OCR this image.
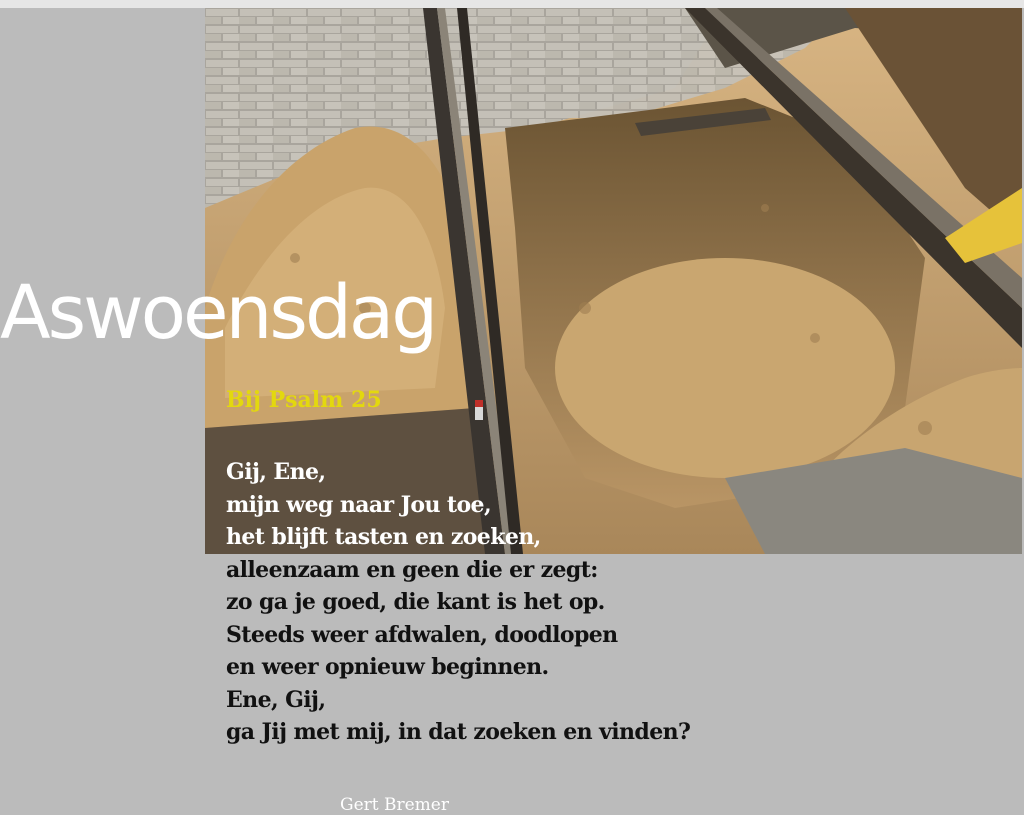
Aswoensdag
Bij Psalm 25
Gij, Ene,
mijn weg naar Jou toe,
het blijft tasten en zoeken,
alleenzaam en geen die er zegt:
zo ga je goed, die kant is het op.
Steeds weer afdwalen, doodlopen
en weer opnieuw beginnen.
Ene, Gij,
ga Jij met mij, in dat zoeken en vinden?

Gert Bremer
